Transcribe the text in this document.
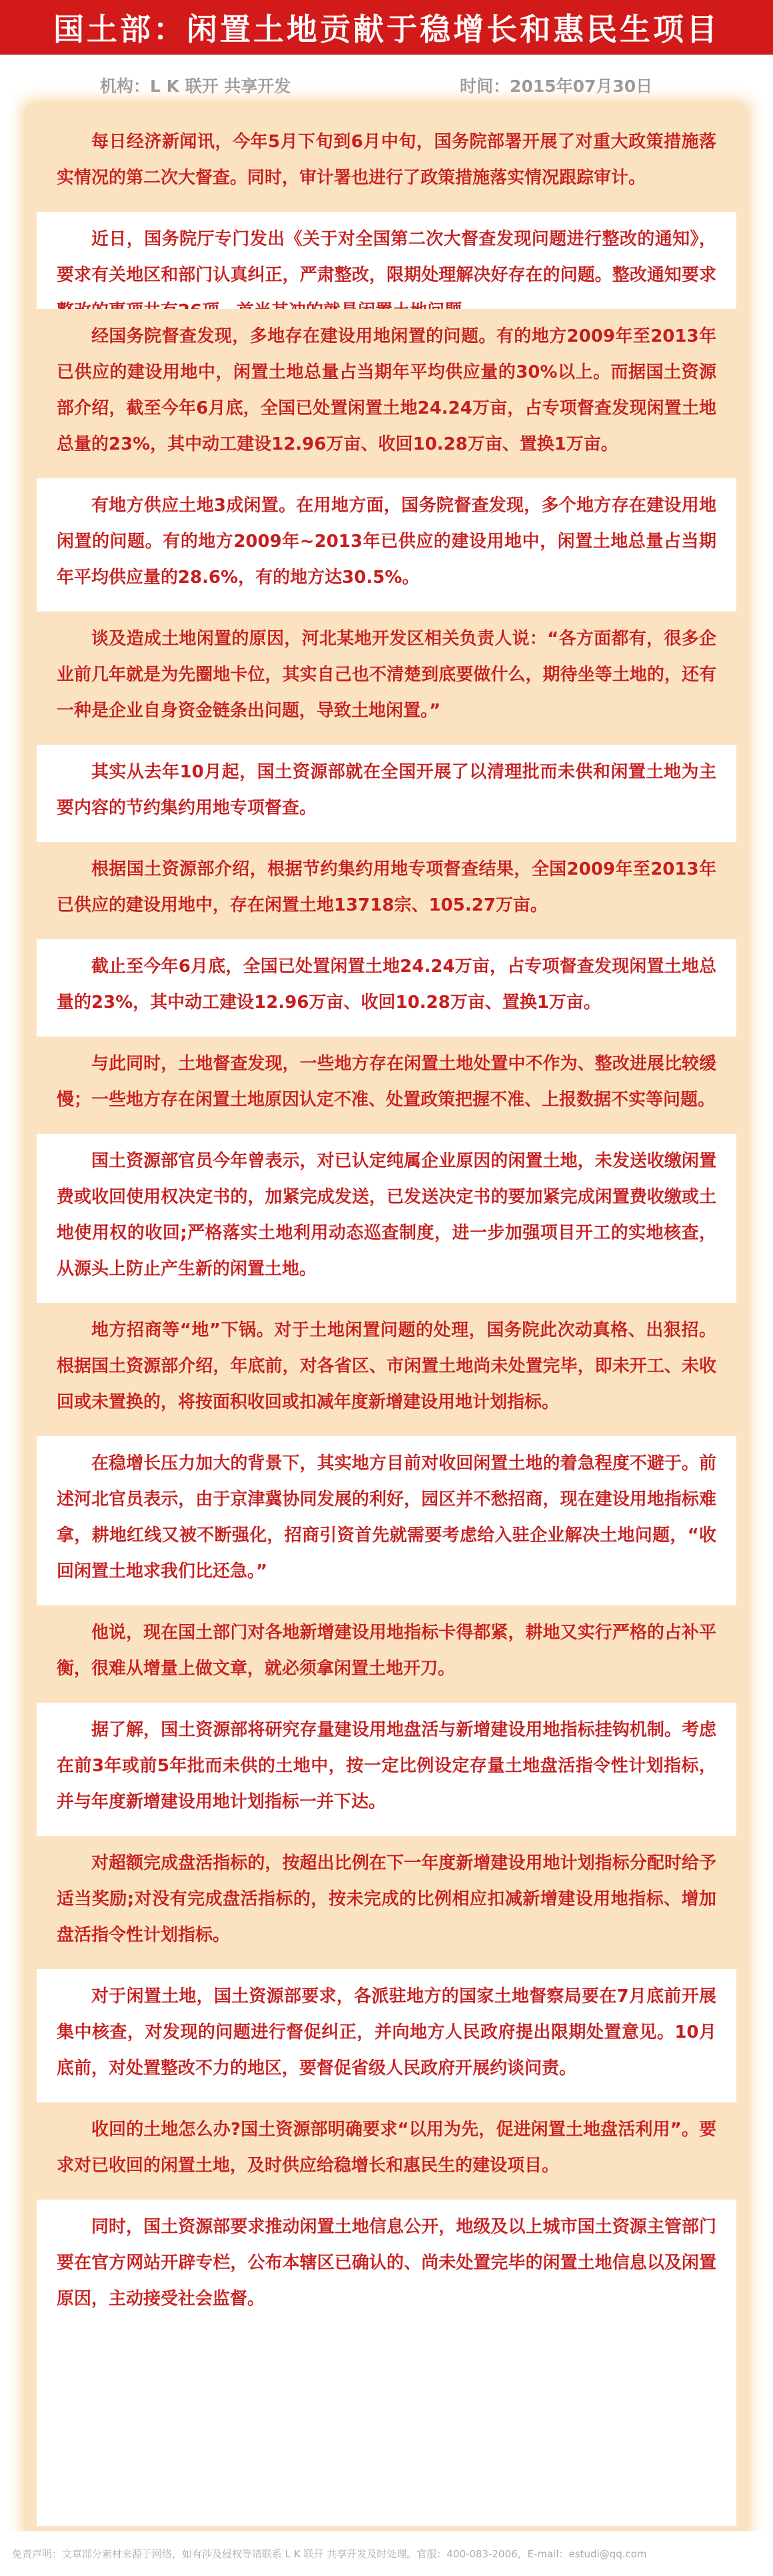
国土部：闲置土地贡献于稳增长和惠民生项目
机构：L K 联开 共享开发	时间：2015年07月30日

每日经济新闻讯，今年5月下旬到6月中旬，国务院部署开展了对重大政策措施落实情况的第二次大督查。同时，审计署也进行了政策措施落实情况跟踪审计。

近日，国务院厅专门发出《关于对全国第二次大督查发现问题进行整改的通知》，要求有关地区和部门认真纠正，严肃整改，限期处理解决好存在的问题。整改通知要求

经国务院督查发现，多地存在建设用地闲置的问题。有的地方2009年至2013年已供应的建设用地中，闲置土地总量占当期年平均供应量的30%以上。而据国土资源部介绍，截至今年6月底，全国已处置闲置土地24.24万亩，占专项督查发现闲置土地总量的23%，其中动工建设12.96万亩、收回10.28万亩、置换1万亩。

有地方供应土地3成闲置。在用地方面，国务院督查发现，多个地方存在建设用地闲置的问题。有的地方2009年~2013年已供应的建设用地中，闲置土地总量占当期年平均供应量的28.6%，有的地方达30.5%。

谈及造成土地闲置的原因，河北某地开发区相关负责人说：“各方面都有，很多企业前几年就是为先圈地卡位，其实自己也不清楚到底要做什么，期待坐等土地的，还有一种是企业自身资金链条出问题，导致土地闲置。”

其实从去年10月起，国土资源部就在全国开展了以清理批而未供和闲置土地为主要内容的节约集约用地专项督查。

根据国土资源部介绍，根据节约集约用地专项督查结果，全国2009年至2013年已供应的建设用地中，存在闲置土地13718宗、105.27万亩。

截止至今年6月底，全国已处置闲置土地24.24万亩，占专项督查发现闲置土地总量的23%，其中动工建设12.96万亩、收回10.28万亩、置换1万亩。

与此同时，土地督查发现，一些地方存在闲置土地处置中不作为、整改进展比较缓慢；一些地方存在闲置土地原因认定不准、处置政策把握不准、上报数据不实等问题。

国土资源部官员今年曾表示，对已认定纯属企业原因的闲置土地，未发送收缴闲置费或收回使用权决定书的，加紧完成发送，已发送决定书的要加紧完成闲置费收缴或土地使用权的收回;严格落实土地利用动态巡查制度，进一步加强项目开工的实地核查，从源头上防止产生新的闲置土地。

地方招商等“地”下锅。对于土地闲置问题的处理，国务院此次动真格、出狠招。根据国土资源部介绍，年底前，对各省区、市闲置土地尚未处置完毕，即未开工、未收回或未置换的，将按面积收回或扣减年度新增建设用地计划指标。

在稳增长压力加大的背景下，其实地方目前对收回闲置土地的着急程度不避于。前述河北官员表示，由于京津冀协同发展的利好，园区并不愁招商，现在建设用地指标难拿，耕地红线又被不断强化，招商引资首先就需要考虑给入驻企业解决土地问题，“收回闲置土地求我们比还急。”

他说，现在国土部门对各地新增建设用地指标卡得都紧，耕地又实行严格的占补平衡，很难从增量上做文章，就必须拿闲置土地开刀。

据了解，国土资源部将研究存量建设用地盘活与新增建设用地指标挂钩机制。考虑在前3年或前5年批而未供的土地中，按一定比例设定存量土地盘活指令性计划指标，并与年度新增建设用地计划指标一并下达。

对超额完成盘活指标的，按超出比例在下一年度新增建设用地计划指标分配时给予适当奖励;对没有完成盘活指标的，按未完成的比例相应扣减新增建设用地指标、增加盘活指令性计划指标。

对于闲置土地，国土资源部要求，各派驻地方的国家土地督察局要在7月底前开展集中核查，对发现的问题进行督促纠正，并向地方人民政府提出限期处置意见。10月底前，对处置整改不力的地区，要督促省级人民政府开展约谈问责。

收回的土地怎么办?国土资源部明确要求“以用为先，促进闲置土地盘活利用”。要求对已收回的闲置土地，及时供应给稳增长和惠民生的建设项目。

同时，国土资源部要求推动闲置土地信息公开，地级及以上城市国土资源主管部门要在官方网站开辟专栏，公布本辖区已确认的、尚未处置完毕的闲置土地信息以及闲置原因，主动接受社会监督。

免责声明：文章部分素材来源于网络，如有涉及侵权等请联系 L K 联开 共享开发及时处理。官服：400-083-2006，E-mail：estudi@qq.com
